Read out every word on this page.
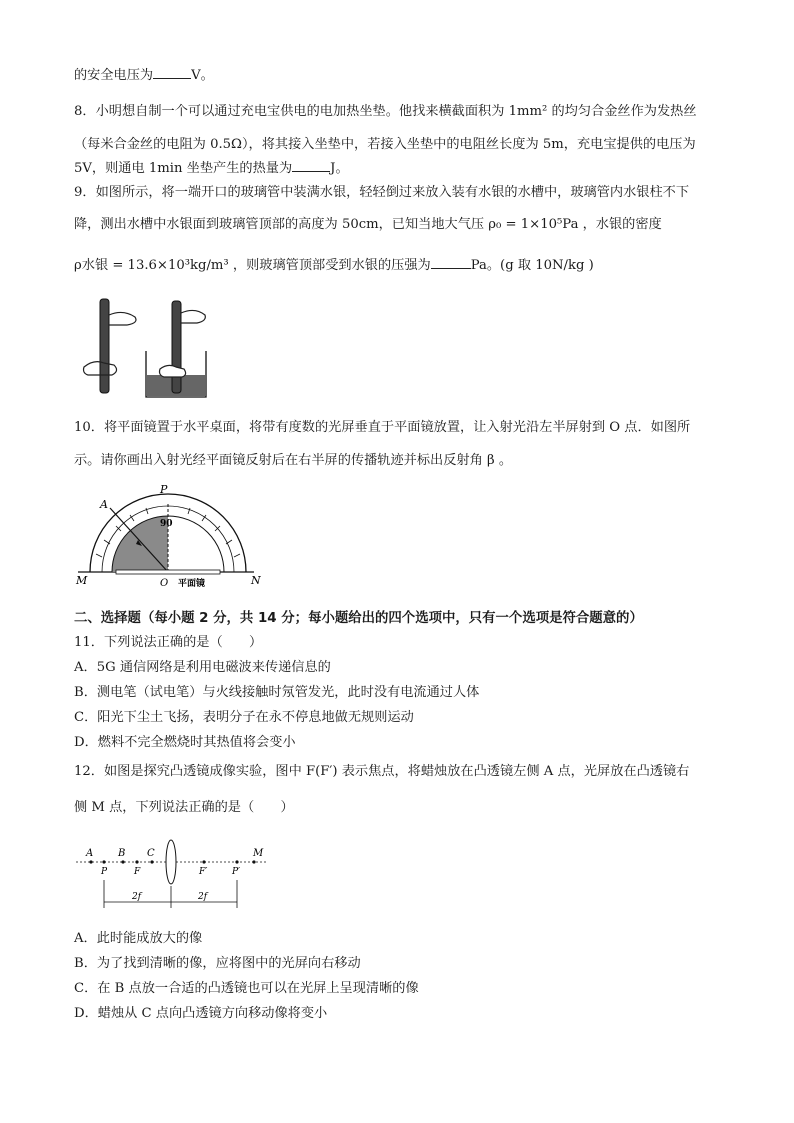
的安全电压为	V。
8．小明想自制一个可以通过充电宝供电的电加热坐垫。他找来横截面积为 1mm² 的均匀合金丝作为发热丝
（每米合金丝的电阻为 0.5Ω），将其接入坐垫中，若接入坐垫中的电阻丝长度为 5m，充电宝提供的电压为
5V，则通电 1min 坐垫产生的热量为	J。
9．如图所示，将一端开口的玻璃管中装满水银，轻轻倒过来放入装有水银的水槽中，玻璃管内水银柱不下
降，测出水槽中水银面到玻璃管顶部的高度为 50cm，已知当地大气压 ρ₀ = 1×10⁵Pa ，水银的密度
ρ水银 = 13.6×10³kg/m³ ，则玻璃管顶部受到水银的压强为	Pa。(g 取 10N/kg )
10．将平面镜置于水平桌面，将带有度数的光屏垂直于平面镜放置，让入射光沿左半屏射到 O 点．如图所
示。请你画出入射光经平面镜反射后在右半屏的传播轨迹并标出反射角 β 。
M	N
O
P
A
90
平面镜
二、选择题（每小题 2 分，共 14 分；每小题给出的四个选项中，只有一个选项是符合题意的）
11．下列说法正确的是（　　）
A．5G 通信网络是利用电磁波来传递信息的
B．测电笔（试电笔）与火线接触时氖管发光，此时没有电流通过人体
C．阳光下尘土飞扬，表明分子在永不停息地做无规则运动
D．燃料不完全燃烧时其热值将会变小
12．如图是探究凸透镜成像实验，图中 F(F′) 表示焦点，将蜡烛放在凸透镜左侧 A 点，光屏放在凸透镜右
侧 M 点，下列说法正确的是（　　）
A B C	M
P	F	F′	P′
2f	2f
A．此时能成放大的像
B．为了找到清晰的像，应将图中的光屏向右移动
C．在 B 点放一合适的凸透镜也可以在光屏上呈现清晰的像
D．蜡烛从 C 点向凸透镜方向移动像将变小
